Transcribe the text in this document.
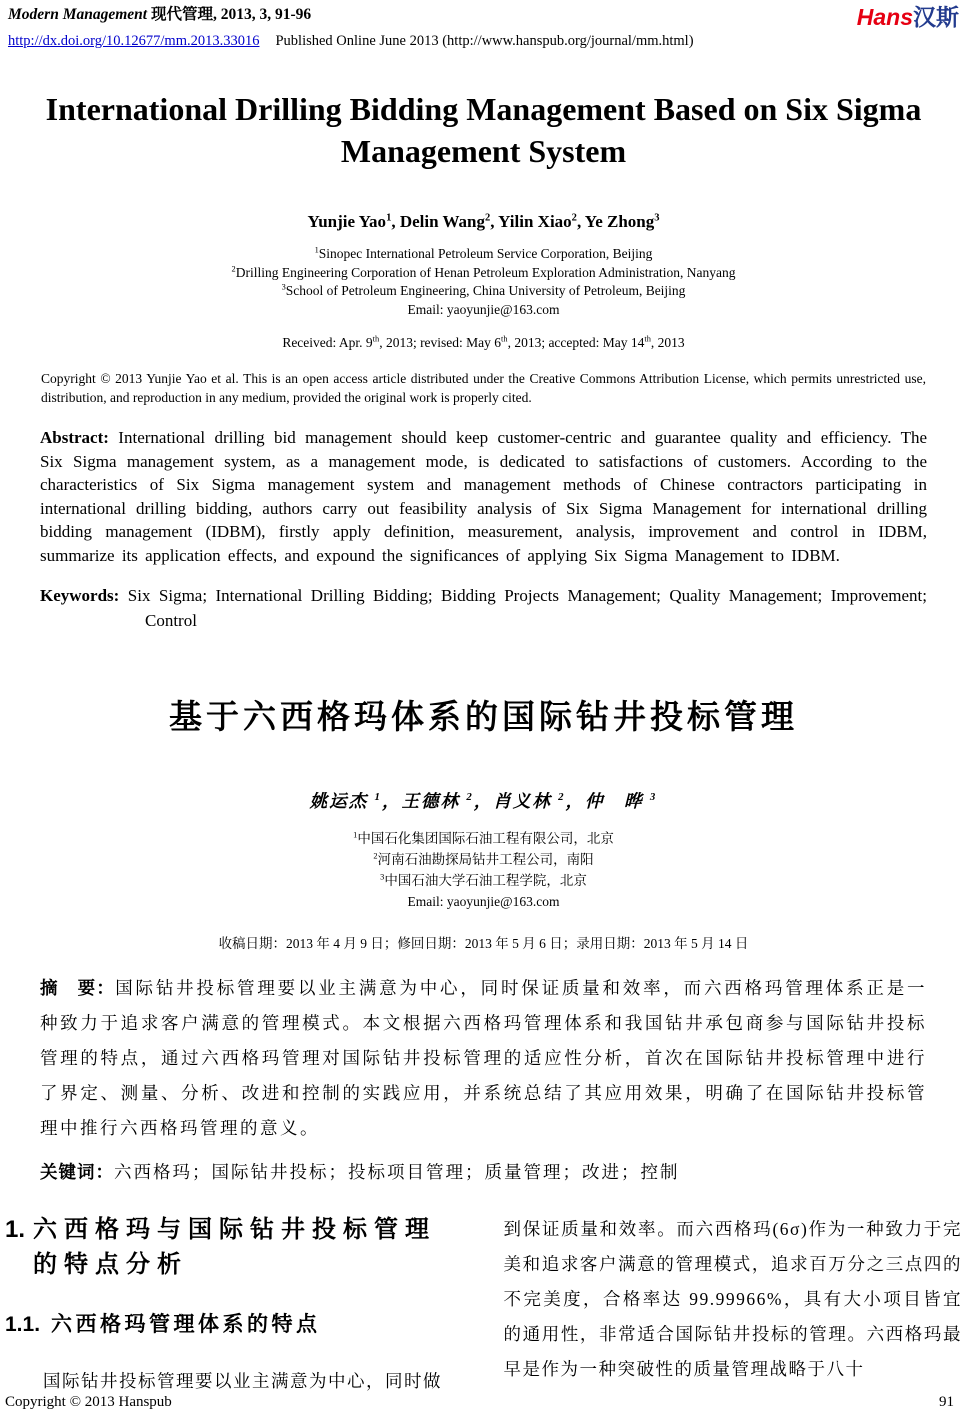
Modern Management 现代管理, 2013, 3, 91-96	Hans汉斯
http://dx.doi.org/10.12677/mm.2013.33016 Published Online June 2013 (http://www.hanspub.org/journal/mm.html)
International Drilling Bidding Management Based on Six Sigma Management System
Yunjie Yao$^1$, Delin Wang$^2$, Yilin Xiao$^2$, Ye Zhong$^3$
$^1$Sinopec International Petroleum Service Corporation, Beijing
$^2$Drilling Engineering Corporation of Henan Petroleum Exploration Administration, Nanyang
$^3$School of Petroleum Engineering, China University of Petroleum, Beijing
Email: yaoyunjie@163.com
Received: Apr. 9th, 2013; revised: May 6th, 2013; accepted: May 14th, 2013
Copyright © 2013 Yunjie Yao et al. This is an open access article distributed under the Creative Commons Attribution License, which permits unrestricted use, distribution, and reproduction in any medium, provided the original work is properly cited.
Abstract: International drilling bid management should keep customer-centric and guarantee quality and efficiency. The Six Sigma management system, as a management mode, is dedicated to satisfactions of customers. According to the characteristics of Six Sigma management system and management methods of Chinese contractors participating in international drilling bidding, authors carry out feasibility analysis of Six Sigma Management for international drilling bidding management (IDBM), firstly apply definition, measurement, analysis, improvement and control in IDBM, summarize its application effects, and expound the significances of applying Six Sigma Management to IDBM.
Keywords: Six Sigma; International Drilling Bidding; Bidding Projects Management; Quality Management; Improvement; Control
基于六西格玛体系的国际钻井投标管理
姚运杰 $^1$，王德林 $^2$，肖义林 $^2$，仲　晔 $^3$
$^1$中国石化集团国际石油工程有限公司，北京
$^2$河南石油勘探局钻井工程公司，南阳
$^3$中国石油大学石油工程学院，北京
Email: yaoyunjie@163.com
收稿日期：2013 年 4 月 9 日；修回日期：2013 年 5 月 6 日；录用日期：2013 年 5 月 14 日
摘　要：国际钻井投标管理要以业主满意为中心，同时保证质量和效率，而六西格玛管理体系正是一种致力于追求客户满意的管理模式。本文根据六西格玛管理体系和我国钻井承包商参与国际钻井投标管理的特点，通过六西格玛管理对国际钻井投标管理的适应性分析，首次在国际钻井投标管理中进行了界定、测量、分析、改进和控制的实践应用，并系统总结了其应用效果，明确了在国际钻井投标管理中推行六西格玛管理的意义。
关键词：六西格玛；国际钻井投标；投标项目管理；质量管理；改进；控制
1. 六西格玛与国际钻井投标管理的特点分析
1.1. 六西格玛管理体系的特点

国际钻井投标管理要以业主满意为中心，同时做

到保证质量和效率。而六西格玛(6σ)作为一种致力于完美和追求客户满意的管理模式，追求百万分之三点四的不完美度，合格率达 99.99966%，具有大小项目皆宜的通用性，非常适合国际钻井投标的管理。六西格玛最早是作为一种突破性的质量管理战略于八十

Copyright © 2013 Hanspub	91
